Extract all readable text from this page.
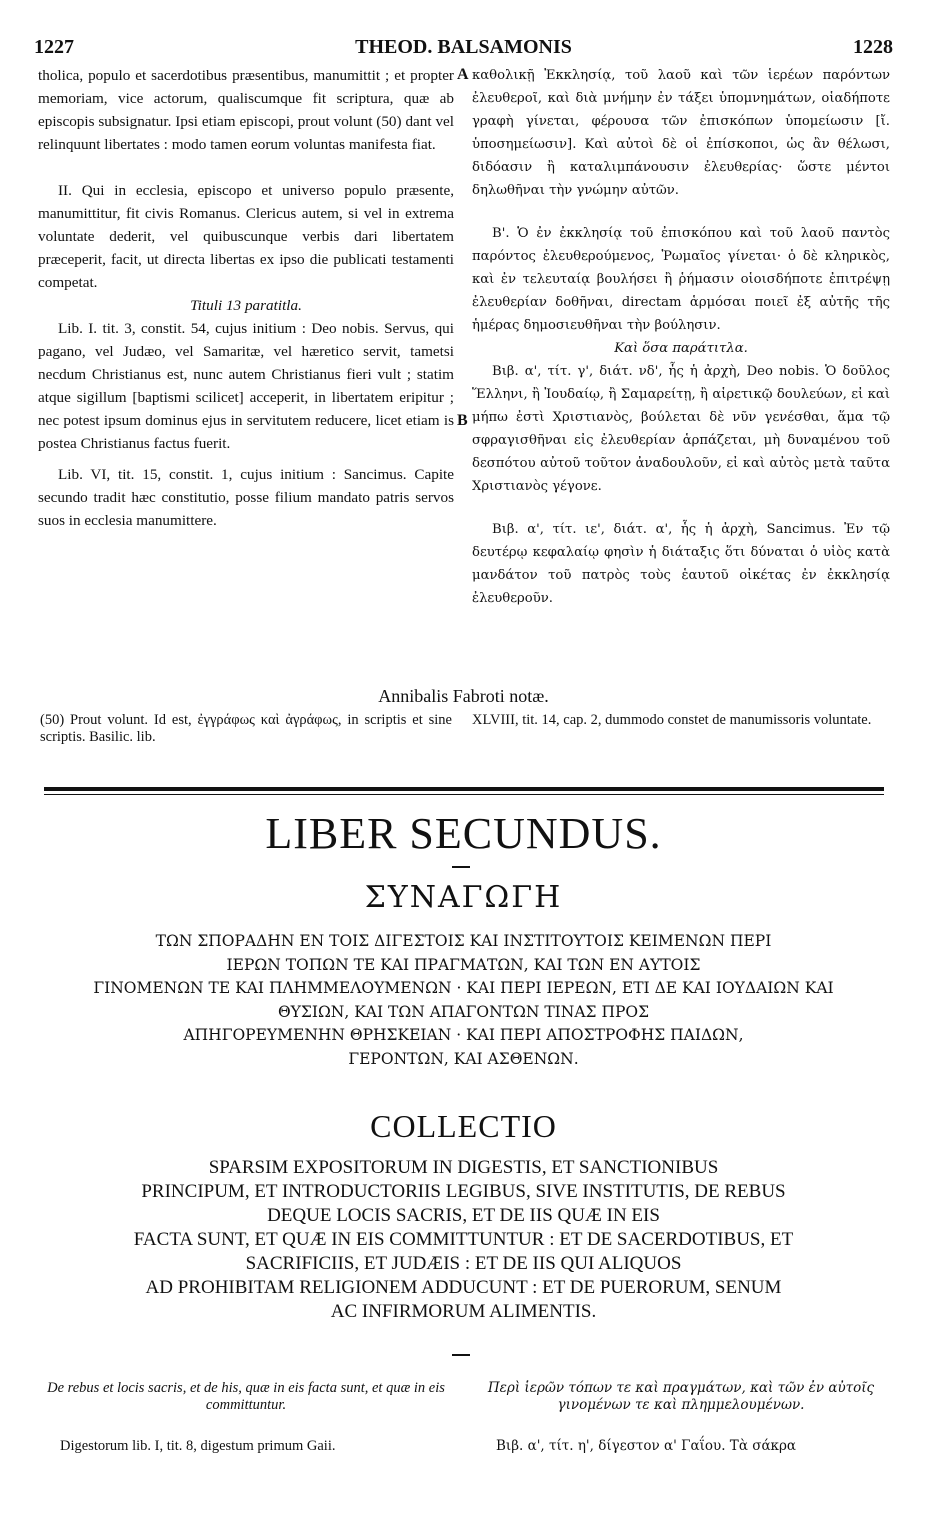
1227	THEOD. BALSAMONIS	1228
A
B

tholica, populo et sacerdotibus præsentibus, manumittit ; et propter memoriam, vice actorum, qualiscumque fit scriptura, quæ ab episcopis subsignatur. Ipsi etiam episcopi, prout volunt (50) dant vel relinquunt libertates : modo tamen eorum voluntas manifesta fiat.

II. Qui in ecclesia, episcopo et universo populo præsente, manumittitur, fit civis Romanus. Clericus autem, si vel in extrema voluntate dederit, vel quibuscunque verbis dari libertatem præceperit, facit, ut directa libertas ex ipso die publicati testamenti competat.

Tituli 13 paratitla.

Lib. I. tit. 3, constit. 54, cujus initium : Deo nobis. Servus, qui pagano, vel Judæo, vel Samaritæ, vel hæretico servit, tametsi necdum Christianus est, nunc autem Christianus fieri vult ; statim atque sigillum [baptismi scilicet] acceperit, in libertatem eripitur ; nec potest ipsum dominus ejus in servitutem reducere, licet etiam is postea Christianus factus fuerit.

Lib. VI, tit. 15, constit. 1, cujus initium : Sancimus. Capite secundo tradit hæc constitutio, posse filium mandato patris servos suos in ecclesia manumittere.

καθολικῇ Ἐκκλησίᾳ, τοῦ λαοῦ καὶ τῶν ἱερέων παρόντων ἐλευθεροῖ, καὶ διὰ μνήμην ἐν τάξει ὑπομνημάτων, οἱαδήποτε γραφὴ γίνεται, φέρουσα τῶν ἐπισκόπων ὑπομείωσιν [ἴ. ὑποσημείωσιν]. Καὶ αὐτοὶ δὲ οἱ ἐπίσκοποι, ὡς ἂν θέλωσι, διδόασιν ἢ καταλιμπάνουσιν ἐλευθερίας· ὥστε μέντοι δηλωθῆναι τὴν γνώμην αὐτῶν.

Β'. Ὁ ἐν ἐκκλησίᾳ τοῦ ἐπισκόπου καὶ τοῦ λαοῦ παντὸς παρόντος ἐλευθερούμενος, Ῥωμαῖος γίνεται· ὁ δὲ κληρικὸς, καὶ ἐν τελευταίᾳ βουλήσει ἢ ῥήμασιν οἱοισδήποτε ἐπιτρέψῃ ἐλευθερίαν δοθῆναι, directam ἁρμόσαι ποιεῖ ἐξ αὐτῆς τῆς ἡμέρας δημοσιευθῆναι τὴν βούλησιν.

Καὶ ὅσα παράτιτλα.

Βιβ. α', τίτ. γ', διάτ. νδ', ἧς ἡ ἀρχὴ, Deo nobis. Ὁ δοῦλος Ἕλληνι, ἢ Ἰουδαίῳ, ἢ Σαμαρείτῃ, ἢ αἱρετικῷ δουλεύων, εἰ καὶ μήπω ἐστὶ Χριστιανὸς, βούλεται δὲ νῦν γενέσθαι, ἅμα τῷ σφραγισθῆναι εἰς ἐλευθερίαν ἁρπάζεται, μὴ δυναμένου τοῦ δεσπότου αὐτοῦ τοῦτον ἀναδουλοῦν, εἰ καὶ αὐτὸς μετὰ ταῦτα Χριστιανὸς γέγονε.

Βιβ. α', τίτ. ιε', διάτ. α', ἧς ἡ ἀρχὴ, Sancimus. Ἐν τῷ δευτέρῳ κεφαλαίῳ φησὶν ἡ διάταξις ὅτι δύναται ὁ υἱὸς κατὰ μανδάτον τοῦ πατρὸς τοὺς ἑαυτοῦ οἰκέτας ἐν ἐκκλησίᾳ ἐλευθεροῦν.

Annibalis Fabroti notæ.
(50) Prout volunt. Id est, ἐγγράφως καὶ ἀγράφως, in scriptis et sine scriptis. Basilic. lib.
XLVIII, tit. 14, cap. 2, dummodo constet de manumissoris voluntate.
LIBER SECUNDUS.
ΣΥΝΑΓΩΓΗ
ΤΩΝ ΣΠΟΡΑΔΗΝ ΕΝ ΤΟΙΣ ΔΙΓΕΣΤΟΙΣ ΚΑΙ ΙΝΣΤΙΤΟΥΤΟΙΣ ΚΕΙΜΕΝΩΝ ΠΕΡΙ
ΙΕΡΩΝ ΤΟΠΩΝ ΤΕ ΚΑΙ ΠΡΑΓΜΑΤΩΝ, ΚΑΙ ΤΩΝ ΕΝ ΑΥΤΟΙΣ
ΓΙΝΟΜΕΝΩΝ ΤΕ ΚΑΙ ΠΛΗΜΜΕΛΟΥΜΕΝΩΝ · ΚΑΙ ΠΕΡΙ ΙΕΡΕΩΝ, ΕΤΙ ΔΕ ΚΑΙ ΙΟΥΔΑΙΩΝ ΚΑΙ
ΘΥΣΙΩΝ, ΚΑΙ ΤΩΝ ΑΠΑΓΟΝΤΩΝ ΤΙΝΑΣ ΠΡΟΣ
ΑΠΗΓΟΡΕΥΜΕΝΗΝ ΘΡΗΣΚΕΙΑΝ · ΚΑΙ ΠΕΡΙ ΑΠΟΣΤΡΟΦΗΣ ΠΑΙΔΩΝ,
ΓΕΡΟΝΤΩΝ, ΚΑΙ ΑΣΘΕΝΩΝ.
COLLECTIO
SPARSIM EXPOSITORUM IN DIGESTIS, ET SANCTIONIBUS
PRINCIPUM, ET INTRODUCTORIIS LEGIBUS, SIVE INSTITUTIS, DE REBUS
DEQUE LOCIS SACRIS, ET DE IIS QUÆ IN EIS
FACTA SUNT, ET QUÆ IN EIS COMMITTUNTUR : ET DE SACERDOTIBUS, ET
SACRIFICIIS, ET JUDÆIS : ET DE IIS QUI ALIQUOS
AD PROHIBITAM RELIGIONEM ADDUCUNT : ET DE PUERORUM, SENUM
AC INFIRMORUM ALIMENTIS.
De rebus et locis sacris, et de his, quæ in eis facta sunt, et quæ in eis committuntur.
Περὶ ἱερῶν τόπων τε καὶ πραγμάτων, καὶ τῶν ἐν αὐτοῖς γινομένων τε καὶ πλημμελουμένων.
Digestorum lib. I, tit. 8, digestum primum Gaii.	Βιβ. α', τίτ. η', δίγεστον α' Γαΐου. Τὰ σάκρα
